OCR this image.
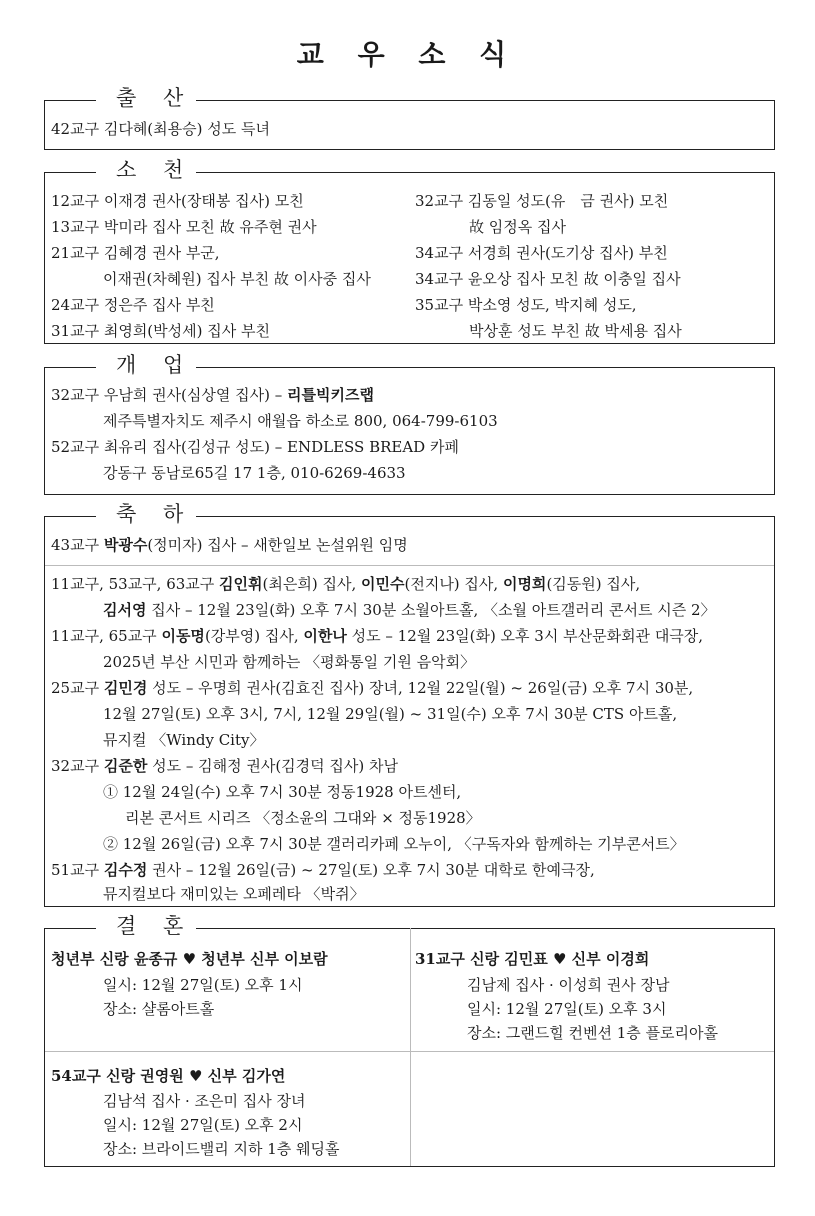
교 우 소 식
출 산
42교구 김다혜(최용승) 성도 득녀
소 천
12교구 이재경 권사(장태봉 집사) 모친
13교구 박미라 집사 모친 故 유주현 권사
21교구 김혜경 권사 부군,
이재권(차혜원) 집사 부친 故 이사중 집사
24교구 정은주 집사 부친
31교구 최영희(박성세) 집사 부친
32교구 김동일 성도(유　금 권사) 모친
故 임정옥 집사
34교구 서경희 권사(도기상 집사) 부친
34교구 윤오상 집사 모친 故 이충일 집사
35교구 박소영 성도, 박지혜 성도,
박상훈 성도 부친 故 박세용 집사
개 업
32교구 우남희 권사(심상열 집사) – 리틀빅키즈랩
제주특별자치도 제주시 애월읍 하소로 800, 064-799-6103
52교구 최유리 집사(김성규 성도) – ENDLESS BREAD 카페
강동구 동남로65길 17 1층, 010-6269-4633
축 하
43교구 박광수(정미자) 집사 – 새한일보 논설위원 임명
11교구, 53교구, 63교구 김인휘(최은희) 집사, 이민수(전지나) 집사, 이명희(김동원) 집사,
김서영 집사 – 12월 23일(화) 오후 7시 30분 소월아트홀, 〈소월 아트갤러리 콘서트 시즌 2〉
11교구, 65교구 이동명(강부영) 집사, 이한나 성도 – 12월 23일(화) 오후 3시 부산문화회관 대극장,
2025년 부산 시민과 함께하는 〈평화통일 기원 음악회〉
25교구 김민경 성도 – 우명희 권사(김효진 집사) 장녀, 12월 22일(월) ~ 26일(금) 오후 7시 30분,
12월 27일(토) 오후 3시, 7시, 12월 29일(월) ~ 31일(수) 오후 7시 30분 CTS 아트홀,
뮤지컬 〈Windy City〉
32교구 김준한 성도 – 김해정 권사(김경덕 집사) 차남
① 12월 24일(수) 오후 7시 30분 정동1928 아트센터,
리본 콘서트 시리즈 〈정소윤의 그대와 × 정동1928〉
② 12월 26일(금) 오후 7시 30분 갤러리카페 오누이, 〈구독자와 함께하는 기부콘서트〉
51교구 김수정 권사 – 12월 26일(금) ~ 27일(토) 오후 7시 30분 대학로 한예극장,
뮤지컬보다 재미있는 오페레타 〈박쥐〉
결 혼
청년부 신랑 윤종규 ♥ 청년부 신부 이보람
일시: 12월 27일(토) 오후 1시
장소: 샬롬아트홀
31교구 신랑 김민표 ♥ 신부 이경희
김남제 집사 · 이성희 권사 장남
일시: 12월 27일(토) 오후 3시
장소: 그랜드힐 컨벤션 1층 플로리아홀
54교구 신랑 권영원 ♥ 신부 김가연
김남석 집사 · 조은미 집사 장녀
일시: 12월 27일(토) 오후 2시
장소: 브라이드밸리 지하 1층 웨딩홀
